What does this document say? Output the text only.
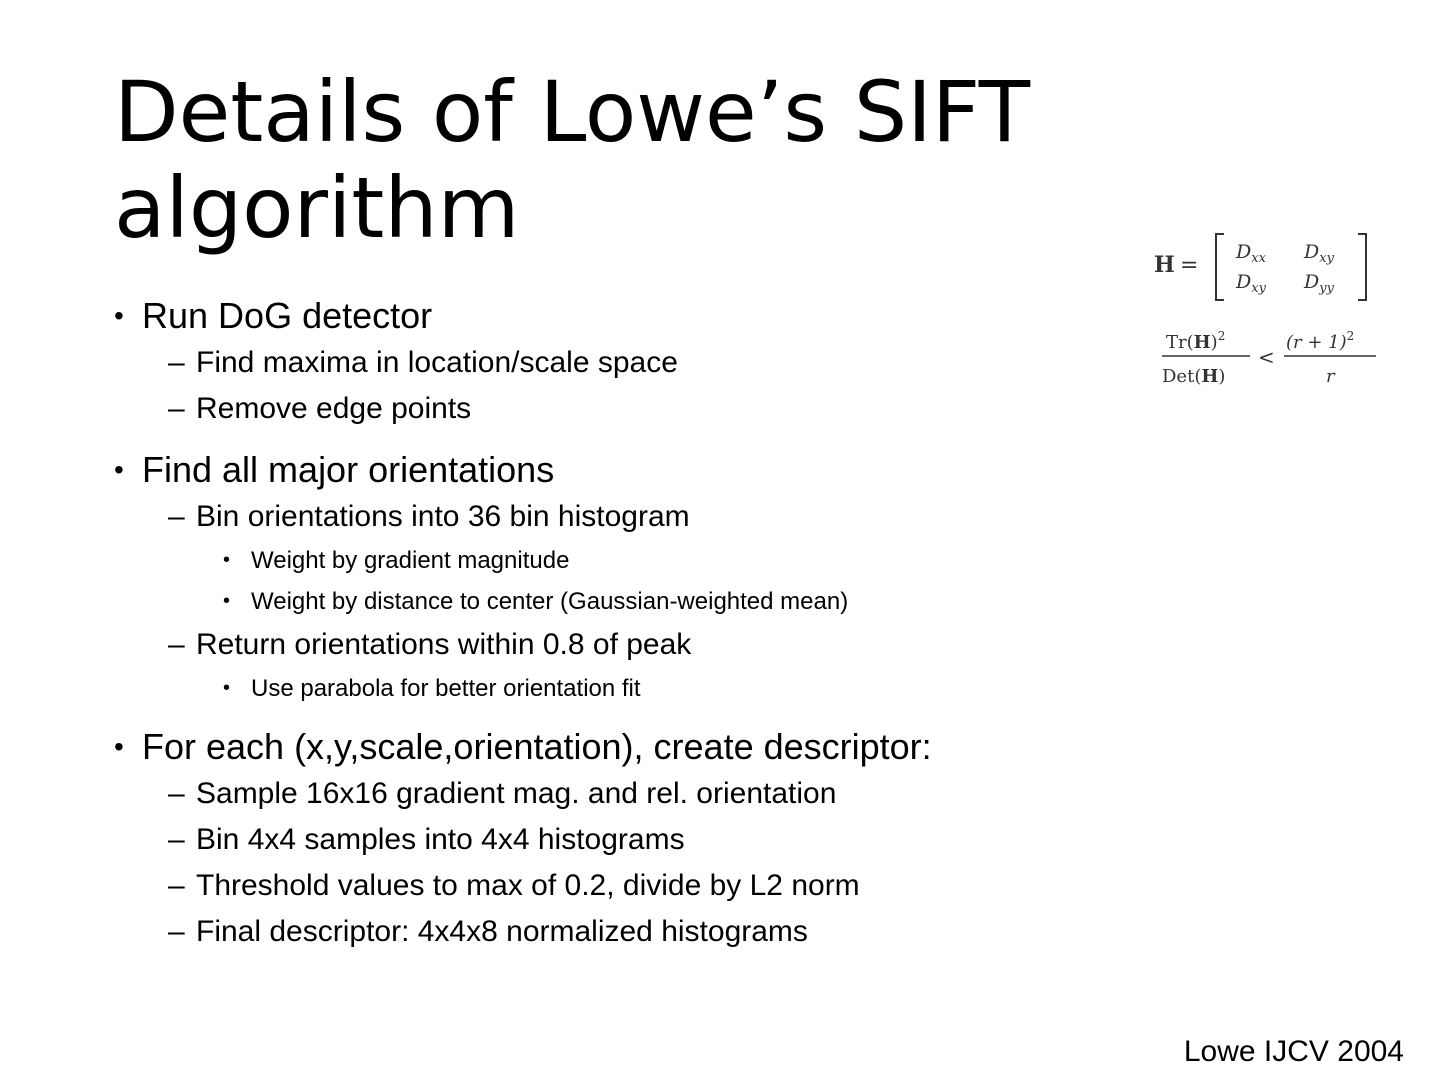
Details of Lowe’s SIFT algorithm
• Run DoG detector
– Find maxima in location/scale space
– Remove edge points
• Find all major orientations
– Bin orientations into 36 bin histogram
• Weight by gradient magnitude
• Weight by distance to center (Gaussian-weighted mean)
– Return orientations within 0.8 of peak
• Use parabola for better orientation fit
• For each (x,y,scale,orientation), create descriptor:
– Sample 16x16 gradient mag. and rel. orientation
– Bin 4x4 samples into 4x4 histograms
– Threshold values to max of 0.2, divide by L2 norm
– Final descriptor: 4x4x8 normalized histograms
H =
$D_{xx}$ $D_{xy}$
$D_{xy}$ $D_{yy}$
$Tr(H)^2$
Det(H)
<
$(r + 1)^2$
r
Lowe IJCV 2004
